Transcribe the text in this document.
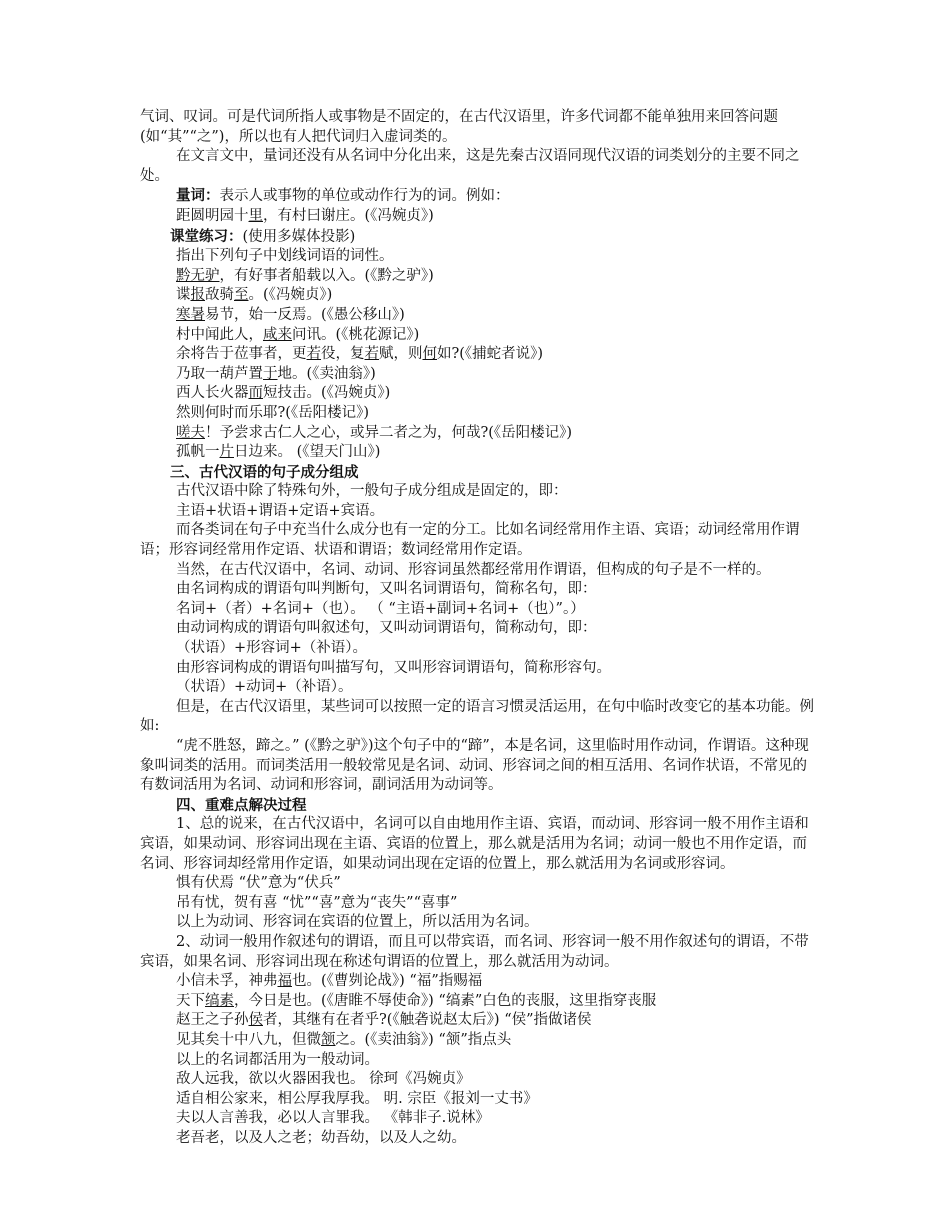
气词、叹词。可是代词所指人或事物是不固定的，在古代汉语里，许多代词都不能单独用来回答问题(如“其”“之”)，所以也有人把代词归入虚词类的。

在文言文中，量词还没有从名词中分化出来，这是先秦古汉语同现代汉语的词类划分的主要不同之处。

量词：表示人或事物的单位或动作行为的词。例如：

距圆明园十里，有村曰谢庄。(《冯婉贞》)

课堂练习：(使用多媒体投影)

指出下列句子中划线词语的词性。

黔无驴，有好事者船载以入。(《黔之驴》)

谍报敌骑至。(《冯婉贞》)

寒暑易节，始一反焉。(《愚公移山》)

村中闻此人，咸来问讯。(《桃花源记》)

余将告于莅事者，更若役，复若赋，则何如?(《捕蛇者说》)

乃取一葫芦置于地。(《卖油翁》)

西人长火器而短技击。(《冯婉贞》)

然则何时而乐耶?(《岳阳楼记》)

嗟夫！予尝求古仁人之心，或异二者之为，何哉?(《岳阳楼记》)

孤帆一片日边来。 (《望天门山》)

三、古代汉语的句子成分组成

古代汉语中除了特殊句外，一般句子成分组成是固定的，即：

主语+状语+谓语+定语+宾语。

而各类词在句子中充当什么成分也有一定的分工。比如名词经常用作主语、宾语；动词经常用作谓语；形容词经常用作定语、状语和谓语；数词经常用作定语。

当然，在古代汉语中，名词、动词、形容词虽然都经常用作谓语，但构成的句子是不一样的。

由名词构成的谓语句叫判断句，又叫名词谓语句，简称名句，即：

名词+（者）+名词+（也）。 （ “主语+副词+名词+（也）”。）

由动词构成的谓语句叫叙述句，又叫动词谓语句，简称动句，即：

（状语）+形容词+（补语）。

由形容词构成的谓语句叫描写句，又叫形容词谓语句，简称形容句。

（状语）+动词+（补语）。

但是，在古代汉语里，某些词可以按照一定的语言习惯灵活运用，在句中临时改变它的基本功能。例如:

“虎不胜怒，蹄之。” (《黔之驴》)这个句子中的“蹄”，本是名词，这里临时用作动词，作谓语。这种现象叫词类的活用。而词类活用一般较常见是名词、动词、形容词之间的相互活用、名词作状语，不常见的有数词活用为名词、动词和形容词，副词活用为动词等。

四、重难点解决过程

1、总的说来，在古代汉语中，名词可以自由地用作主语、宾语，而动词、形容词一般不用作主语和宾语，如果动词、形容词出现在主语、宾语的位置上，那么就是活用为名词；动词一般也不用作定语，而名词、形容词却经常用作定语，如果动词出现在定语的位置上，那么就活用为名词或形容词。

惧有伏焉 “伏”意为“伏兵”

吊有忧，贺有喜 “忧”“喜”意为“丧失”“喜事”

以上为动词、形容词在宾语的位置上，所以活用为名词。

2、动词一般用作叙述句的谓语，而且可以带宾语，而名词、形容词一般不用作叙述句的谓语，不带宾语，如果名词、形容词出现在称述句谓语的位置上，那么就活用为动词。

小信未孚，神弗福也。(《曹刿论战》) “福”指赐福

天下缟素，今日是也。(《唐睢不辱使命》) “缟素”白色的丧服，这里指穿丧服

赵王之子孙侯者，其继有在者乎?(《触砻说赵太后》) “侯”指做诸侯

见其矣十中八九，但微颔之。(《卖油翁》) “颔”指点头

以上的名词都活用为一般动词。

敌人远我，欲以火器困我也。 徐珂《冯婉贞》

适自相公家来，相公厚我厚我。 明. 宗臣《报刘一丈书》

夫以人言善我，必以人言罪我。 《韩非子.说林》

老吾老，以及人之老；幼吾幼，以及人之幼。
